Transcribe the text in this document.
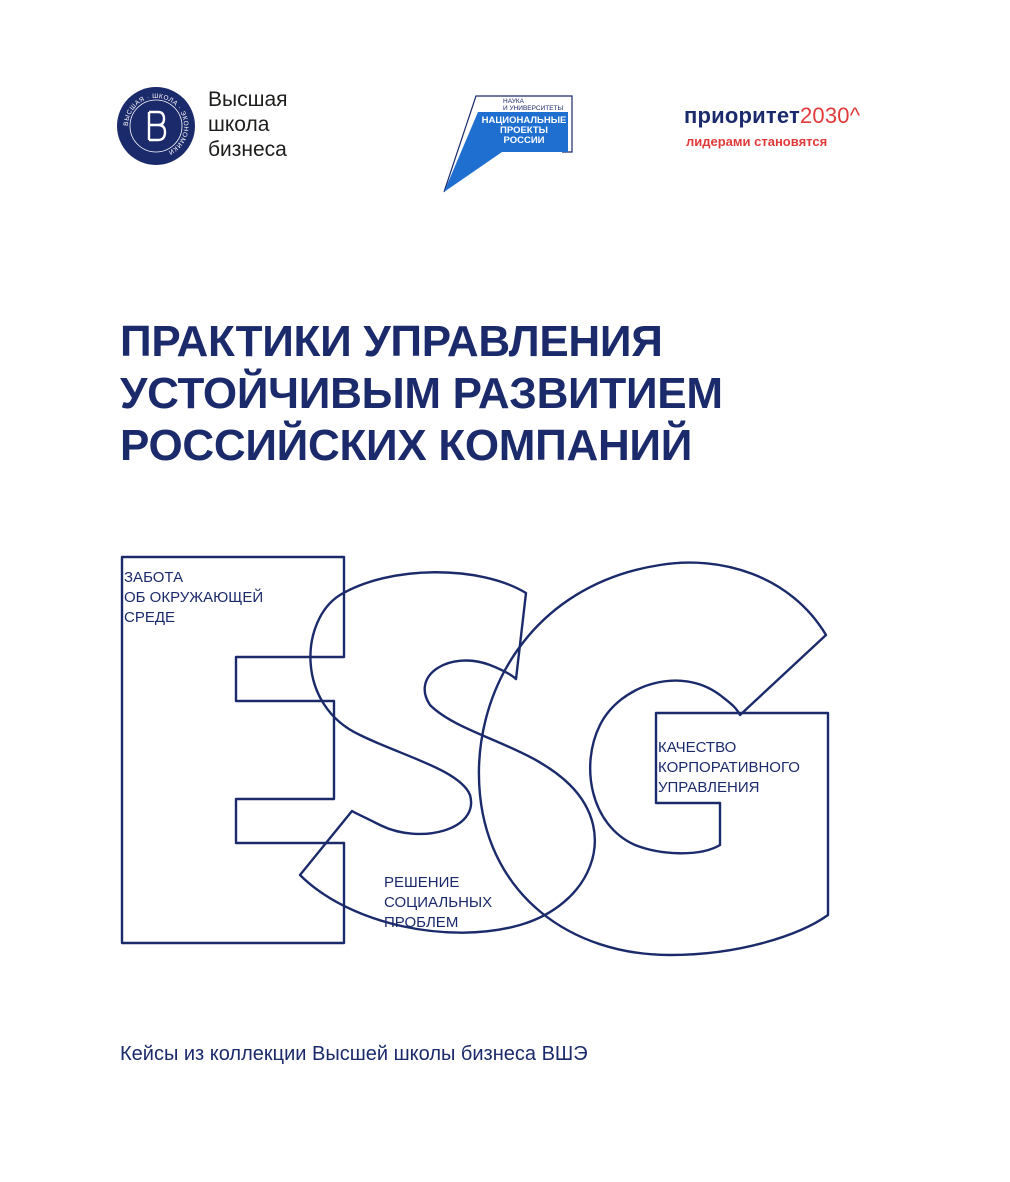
ВЫСШАЯ · ШКОЛА · ЭКОНОМИКИ
Высшая
школа
бизнеса
НАУКА
И УНИВЕРСИТЕТЫ
НАЦИОНАЛЬНЫЕ
ПРОЕКТЫ
РОССИИ
приоритет2030^
лидерами становятся
ПРАКТИКИ УПРАВЛЕНИЯ
УСТОЙЧИВЫМ РАЗВИТИЕМ
РОССИЙСКИХ КОМПАНИЙ
ЗАБОТА
ОБ ОКРУЖАЮЩЕЙ
СРЕДЕ
РЕШЕНИЕ
СОЦИАЛЬНЫХ
ПРОБЛЕМ
КАЧЕСТВО
КОРПОРАТИВНОГО
УПРАВЛЕНИЯ
Кейсы из коллекции Высшей школы бизнеса ВШЭ
